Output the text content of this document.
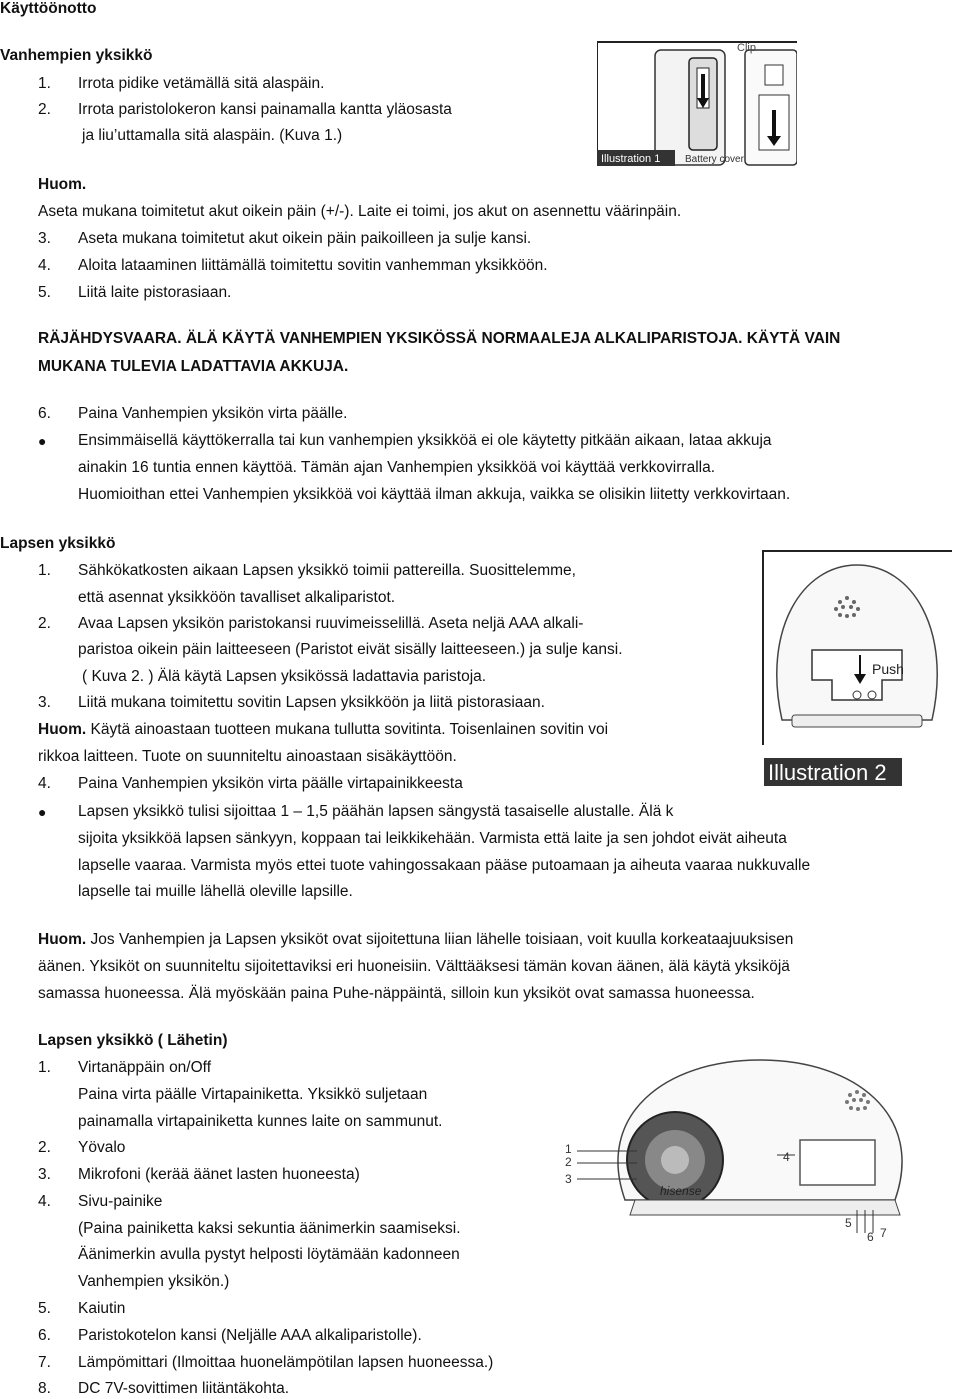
Käyttöönotto
Vanhempien yksikkö
1. Irrota pidike vetämällä sitä alaspäin.
2. Irrota paristolokeron kansi painamalla kantta yläosasta
ja liu’uttamalla sitä alaspäin. (Kuva 1.)
Huom.
Aseta mukana toimitetut akut oikein päin (+/-). Laite ei toimi, jos akut on asennettu väärinpäin.
3. Aseta mukana toimitetut akut oikein päin paikoilleen ja sulje kansi.
4. Aloita lataaminen liittämällä toimitettu sovitin vanhemman yksikköön.
5. Liitä laite pistorasiaan.
RÄJÄHDYSVAARA. ÄLÄ KÄYTÄ VANHEMPIEN YKSIKÖSSÄ NORMAALEJA ALKALIPARISTOJA. KÄYTÄ VAIN
MUKANA TULEVIA LADATTAVIA AKKUJA.
6. Paina Vanhempien yksikön virta päälle.
● Ensimmäisellä käyttökerralla tai kun vanhempien yksikköä ei ole käytetty pitkään aikaan, lataa akkuja
ainakin 16 tuntia ennen käyttöä. Tämän ajan Vanhempien yksikköä voi käyttää verkkovirralla.
Huomioithan ettei Vanhempien yksikköä voi käyttää ilman akkuja, vaikka se olisikin liitetty verkkovirtaan.
Lapsen yksikkö
1. Sähkökatkosten aikaan Lapsen yksikkö toimii pattereilla. Suosittelemme,
että asennat yksikköön tavalliset alkaliparistot.
2. Avaa Lapsen yksikön paristokansi ruuvimeisselillä. Aseta neljä AAA alkali-
paristoa oikein päin laitteeseen (Paristot eivät sisälly laitteeseen.) ja sulje kansi.
( Kuva 2. ) Älä käytä Lapsen yksikössä ladattavia paristoja.
3. Liitä mukana toimitettu sovitin Lapsen yksikköön ja liitä pistorasiaan.
Huom. Käytä ainoastaan tuotteen mukana tullutta sovitinta. Toisenlainen sovitin voi
rikkoa laitteen. Tuote on suunniteltu ainoastaan sisäkäyttöön.
4. Paina Vanhempien yksikön virta päälle virtapainikkeesta
● Lapsen yksikkö tulisi sijoittaa 1 – 1,5 päähän lapsen sängystä tasaiselle alustalle. Älä k
sijoita yksikköä lapsen sänkyyn, koppaan tai leikkikehään. Varmista että laite ja sen johdot eivät aiheuta
lapselle vaaraa. Varmista myös ettei tuote vahingossakaan pääse putoamaan ja aiheuta vaaraa nukkuvalle
lapselle tai muille lähellä oleville lapsille.
Huom. Jos Vanhempien ja Lapsen yksiköt ovat sijoitettuna liian lähelle toisiaan, voit kuulla korkeataajuuksisen
äänen. Yksiköt on suunniteltu sijoitettaviksi eri huoneisiin. Välttääksesi tämän kovan äänen, älä käytä yksiköjä
samassa huoneessa. Älä myöskään paina Puhe-näppäintä, silloin kun yksiköt ovat samassa huoneessa.
Lapsen yksikkö ( Lähetin)
1. Virtanäppäin on/Off
Paina virta päälle Virtapainiketta. Yksikkö suljetaan
painamalla virtapainiketta kunnes laite on sammunut.
2. Yövalo
3. Mikrofoni (kerää äänet lasten huoneesta)
4. Sivu-painike
(Paina painiketta kaksi sekuntia äänimerkin saamiseksi.
Äänimerkin avulla pystyt helposti löytämään kadonneen
Vanhempien yksikön.)
5. Kaiutin
6. Paristokotelon kansi (Neljälle AAA alkaliparistolle).
7. Lämpömittari (Ilmoittaa huonelämpötilan lapsen huoneessa.)
8. DC 7V-sovittimen liitäntäkohta.
Clip
Illustration 1 Battery cover
Push
Illustration 2
hisense
1
2
3
4
5
6 7
